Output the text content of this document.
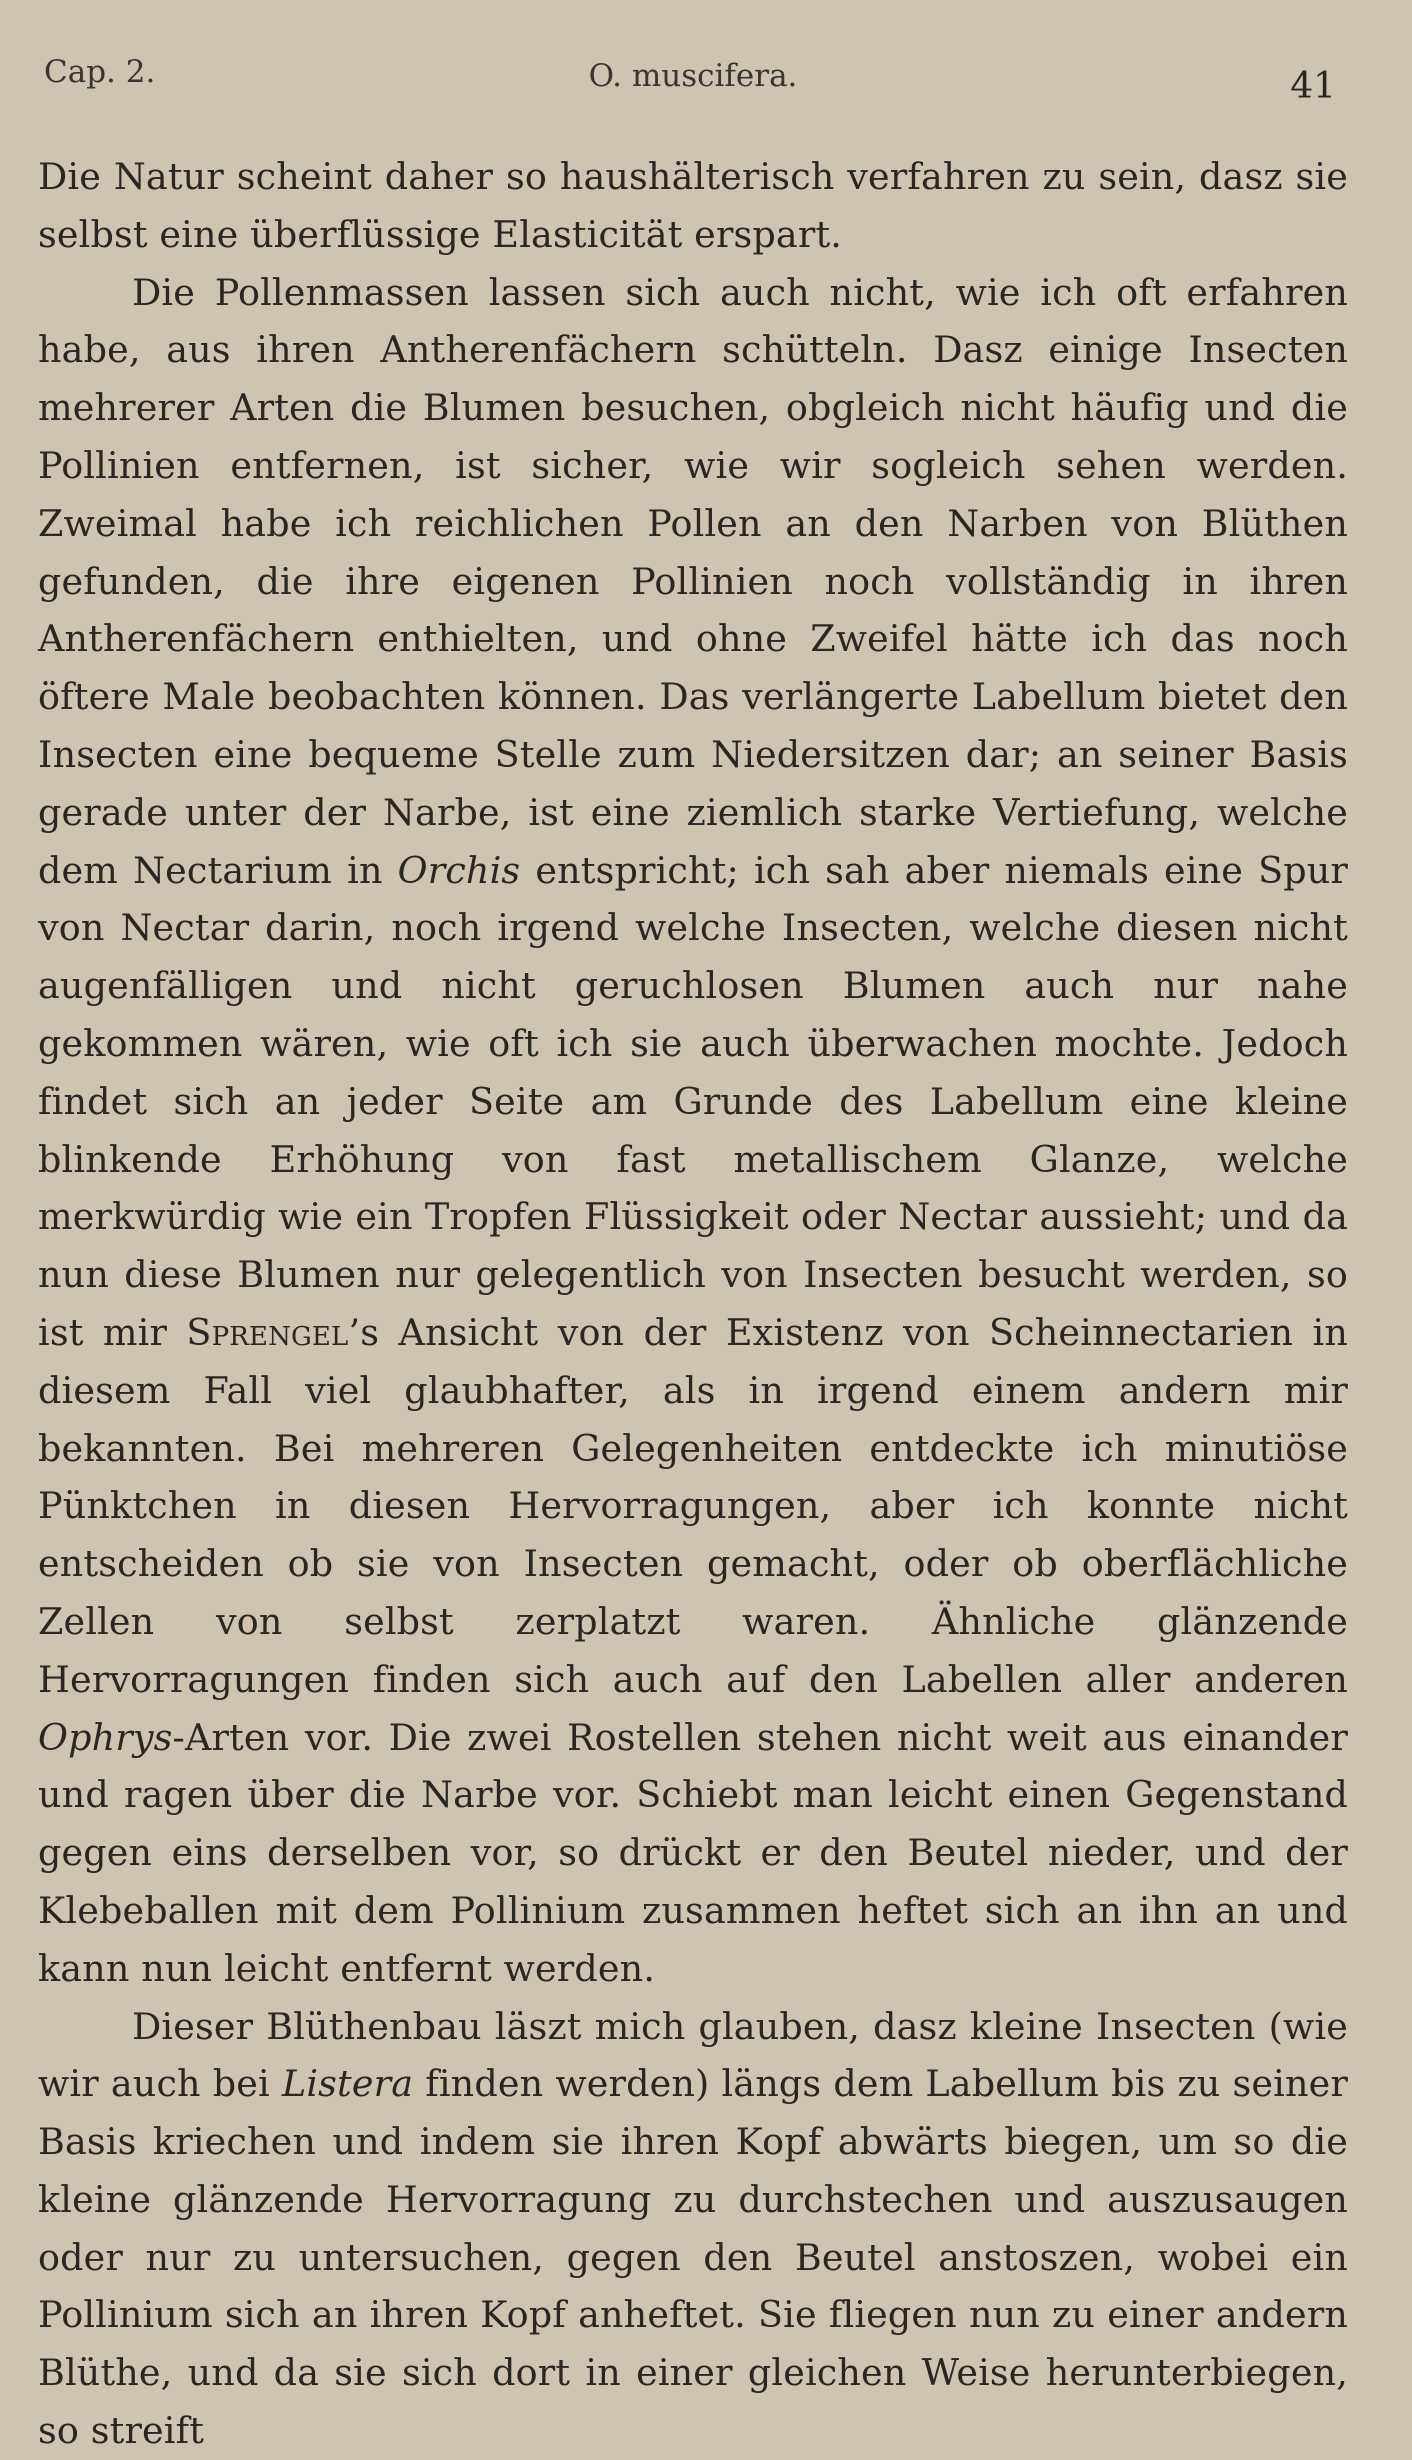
Cap. 2.	O. muscifera.	41

Die Natur scheint daher so haushälterisch verfahren zu sein, dasz sie selbst eine überflüssige Elasticität erspart.

Die Pollenmassen lassen sich auch nicht, wie ich oft erfahren habe, aus ihren Antherenfächern schütteln. Dasz einige Insecten mehrerer Arten die Blumen besuchen, obgleich nicht häufig und die Pollinien entfernen, ist sicher, wie wir sogleich sehen werden. Zweimal habe ich reichlichen Pollen an den Narben von Blüthen gefunden, die ihre eigenen Pollinien noch vollständig in ihren Antherenfächern enthielten, und ohne Zweifel hätte ich das noch öftere Male beobachten können. Das verlängerte Labellum bietet den Insecten eine bequeme Stelle zum Niedersitzen dar; an seiner Basis gerade unter der Narbe, ist eine ziemlich starke Vertiefung, welche dem Nectarium in Orchis entspricht; ich sah aber niemals eine Spur von Nectar darin, noch irgend welche Insecten, welche diesen nicht augenfälligen und nicht geruchlosen Blumen auch nur nahe gekommen wären, wie oft ich sie auch überwachen mochte. Jedoch findet sich an jeder Seite am Grunde des Labellum eine kleine blinkende Erhöhung von fast metallischem Glanze, welche merkwürdig wie ein Tropfen Flüssigkeit oder Nectar aussieht; und da nun diese Blumen nur gelegentlich von Insecten besucht werden, so ist mir Sprengel’s Ansicht von der Existenz von Scheinnectarien in diesem Fall viel glaubhafter, als in irgend einem andern mir bekannten. Bei mehreren Gelegenheiten entdeckte ich minutiöse Pünktchen in diesen Hervorragungen, aber ich konnte nicht entscheiden ob sie von Insecten gemacht, oder ob oberflächliche Zellen von selbst zerplatzt waren. Ähnliche glänzende Hervorragungen finden sich auch auf den Labellen aller anderen Ophrys-Arten vor. Die zwei Rostellen stehen nicht weit aus einander und ragen über die Narbe vor. Schiebt man leicht einen Gegenstand gegen eins derselben vor, so drückt er den Beutel nieder, und der Klebeballen mit dem Pollinium zusammen heftet sich an ihn an und kann nun leicht entfernt werden.

Dieser Blüthenbau läszt mich glauben, dasz kleine Insecten (wie wir auch bei Listera finden werden) längs dem Labellum bis zu seiner Basis kriechen und indem sie ihren Kopf abwärts biegen, um so die kleine glänzende Hervorragung zu durchstechen und auszusaugen oder nur zu untersuchen, gegen den Beutel anstoszen, wobei ein Pollinium sich an ihren Kopf anheftet. Sie fliegen nun zu einer andern Blüthe, und da sie sich dort in einer gleichen Weise herunterbiegen, so streift
